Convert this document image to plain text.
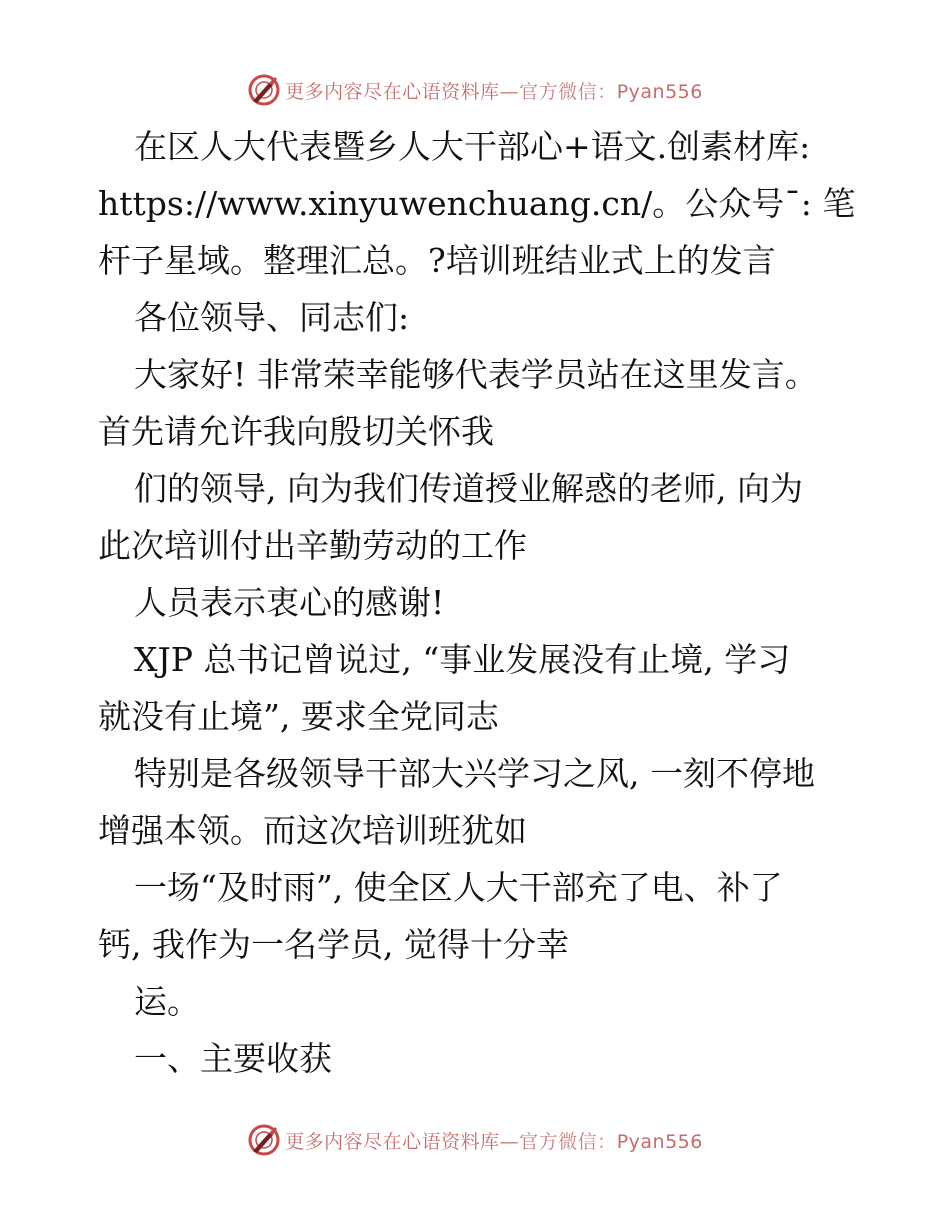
更多内容尽在心语资料库—官方微信：Pyan556
在区人大代表暨乡人大干部心+语文.创素材库:
https://www.xinyuwenchuang.cn/。公众号¯: 笔
杆子星域。整理汇总。?培训班结业式上的发言
各位领导、同志们:
大家好! 非常荣幸能够代表学员站在这里发言。
首先请允许我向殷切关怀我
们的领导, 向为我们传道授业解惑的老师, 向为
此次培训付出辛勤劳动的工作
人员表示衷心的感谢!
XJP 总书记曾说过, “事业发展没有止境, 学习
就没有止境”, 要求全党同志
特别是各级领导干部大兴学习之风, 一刻不停地
增强本领。而这次培训班犹如
一场“及时雨”, 使全区人大干部充了电、补了
钙, 我作为一名学员, 觉得十分幸
运。
一、主要收获
更多内容尽在心语资料库—官方微信：Pyan556
